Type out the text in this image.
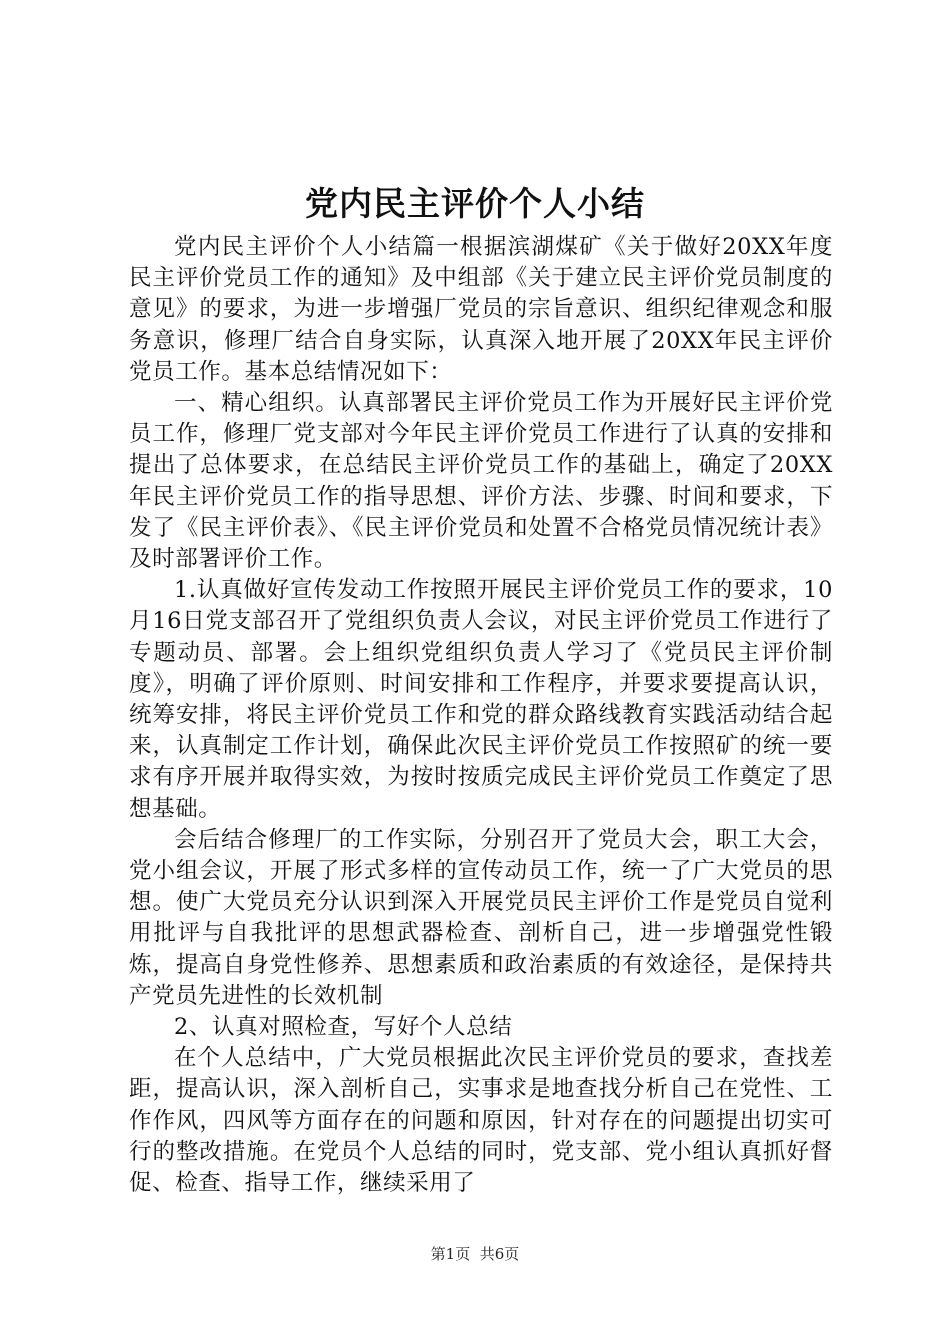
党内民主评价个人小结

党内民主评价个人小结篇一根据滨湖煤矿《关于做好20XX年度民主评价党员工作的通知》及中组部《关于建立民主评价党员制度的意见》的要求，为进一步增强厂党员的宗旨意识、组织纪律观念和服务意识，修理厂结合自身实际，认真深入地开展了20XX年民主评价党员工作。基本总结情况如下：

一、精心组织。认真部署民主评价党员工作为开展好民主评价党员工作，修理厂党支部对今年民主评价党员工作进行了认真的安排和提出了总体要求，在总结民主评价党员工作的基础上，确定了20XX年民主评价党员工作的指导思想、评价方法、步骤、时间和要求，下发了《民主评价表》、《民主评价党员和处置不合格党员情况统计表》及时部署评价工作。

1.认真做好宣传发动工作按照开展民主评价党员工作的要求，10月16日党支部召开了党组织负责人会议，对民主评价党员工作进行了专题动员、部署。会上组织党组织负责人学习了《党员民主评价制度》，明确了评价原则、时间安排和工作程序，并要求要提高认识，统筹安排，将民主评价党员工作和党的群众路线教育实践活动结合起来，认真制定工作计划，确保此次民主评价党员工作按照矿的统一要求有序开展并取得实效，为按时按质完成民主评价党员工作奠定了思想基础。

会后结合修理厂的工作实际，分别召开了党员大会，职工大会，党小组会议，开展了形式多样的宣传动员工作，统一了广大党员的思想。使广大党员充分认识到深入开展党员民主评价工作是党员自觉利用批评与自我批评的思想武器检查、剖析自己，进一步增强党性锻炼，提高自身党性修养、思想素质和政治素质的有效途径，是保持共产党员先进性的长效机制

2、认真对照检查，写好个人总结

在个人总结中，广大党员根据此次民主评价党员的要求，查找差距，提高认识，深入剖析自己，实事求是地查找分析自己在党性、工作作风，四风等方面存在的问题和原因，针对存在的问题提出切实可行的整改措施。在党员个人总结的同时，党支部、党小组认真抓好督促、检查、指导工作，继续采用了

第1页 共6页
